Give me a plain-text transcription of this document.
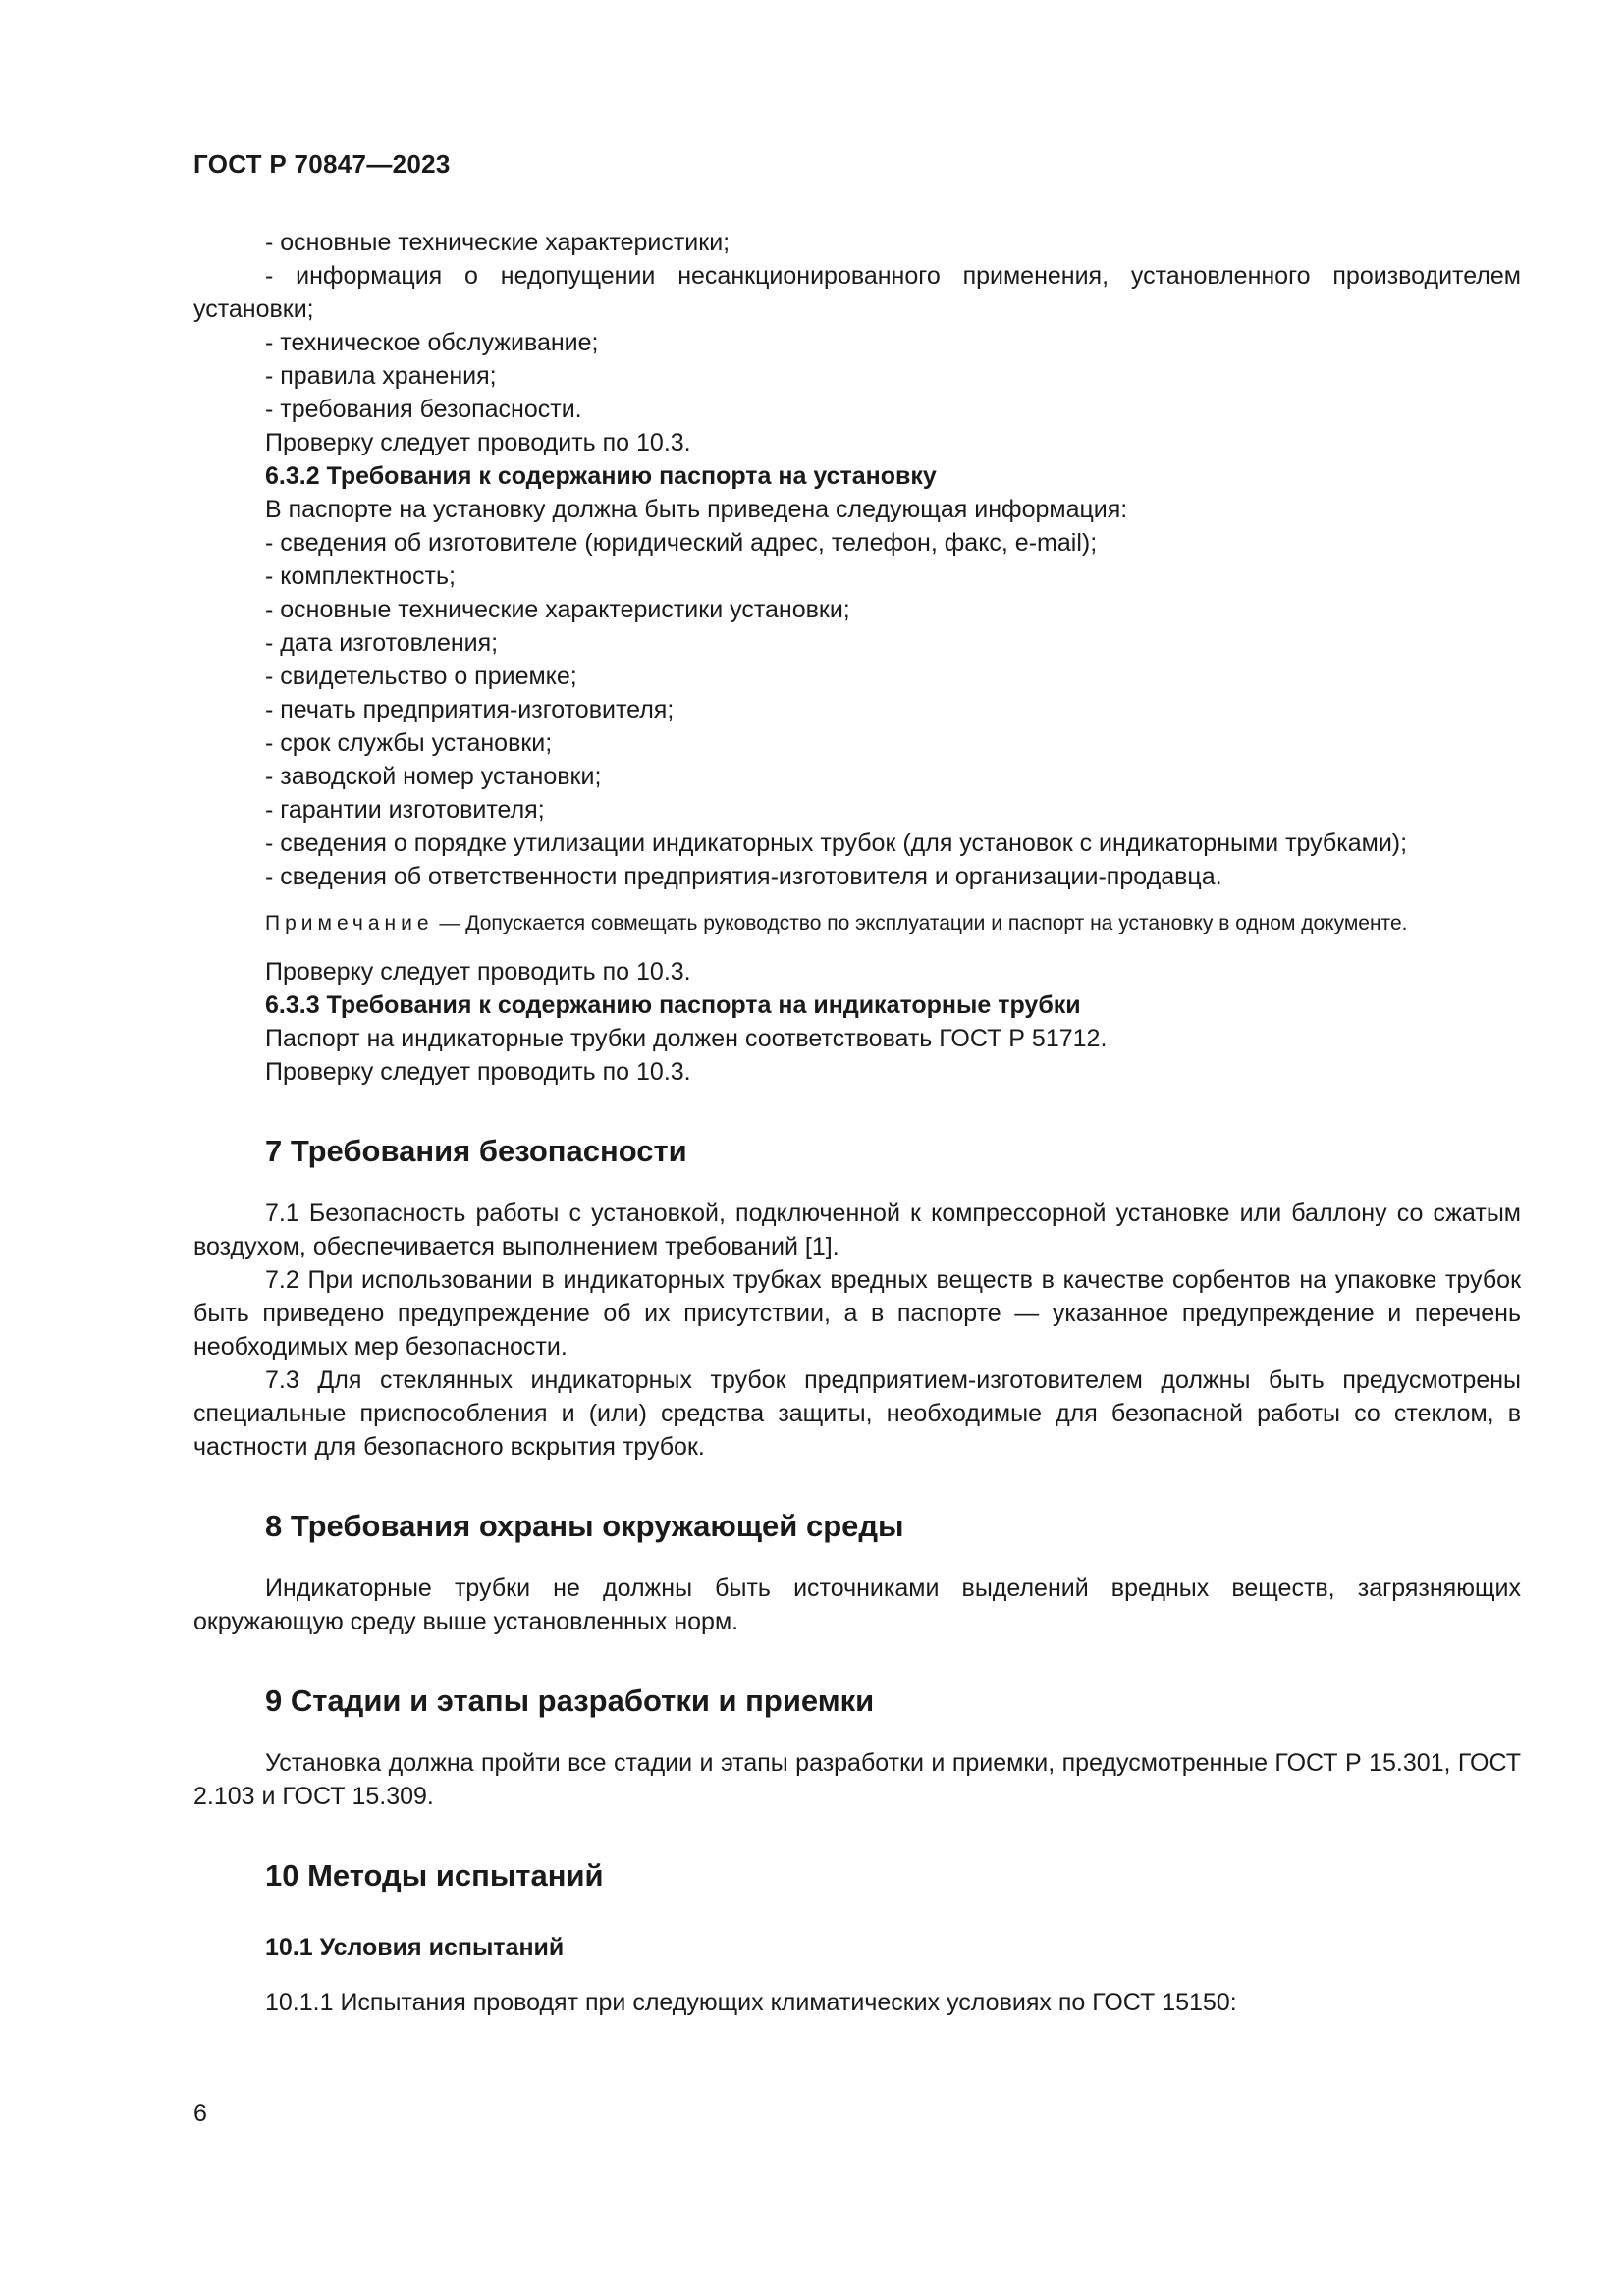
ГОСТ Р 70847—2023

- основные технические характеристики;

- информация о недопущении несанкционированного применения, установленного производителем установки;

- техническое обслуживание;

- правила хранения;

- требования безопасности.

Проверку следует проводить по 10.3.

6.3.2 Требования к содержанию паспорта на установку

В паспорте на установку должна быть приведена следующая информация:

- сведения об изготовителе (юридический адрес, телефон, факс, e-mail);

- комплектность;

- основные технические характеристики установки;

- дата изготовления;

- свидетельство о приемке;

- печать предприятия-изготовителя;

- срок службы установки;

- заводской номер установки;

- гарантии изготовителя;

- сведения о порядке утилизации индикаторных трубок (для установок с индикаторными трубками);

- сведения об ответственности предприятия-изготовителя и организации-продавца.

Примечание — Допускается совмещать руководство по эксплуатации и паспорт на установку в одном документе.

Проверку следует проводить по 10.3.

6.3.3 Требования к содержанию паспорта на индикаторные трубки

Паспорт на индикаторные трубки должен соответствовать ГОСТ Р 51712.

Проверку следует проводить по 10.3.

7 Требования безопасности

7.1 Безопасность работы с установкой, подключенной к компрессорной установке или баллону со сжатым воздухом, обеспечивается выполнением требований [1].

7.2 При использовании в индикаторных трубках вредных веществ в качестве сорбентов на упаковке трубок быть приведено предупреждение об их присутствии, а в паспорте — указанное предупреждение и перечень необходимых мер безопасности.

7.3 Для стеклянных индикаторных трубок предприятием-изготовителем должны быть предусмотрены специальные приспособления и (или) средства защиты, необходимые для безопасной работы со стеклом, в частности для безопасного вскрытия трубок.

8 Требования охраны окружающей среды

Индикаторные трубки не должны быть источниками выделений вредных веществ, загрязняющих окружающую среду выше установленных норм.

9 Стадии и этапы разработки и приемки

Установка должна пройти все стадии и этапы разработки и приемки, предусмотренные ГОСТ Р 15.301, ГОСТ 2.103 и ГОСТ 15.309.

10 Методы испытаний
10.1 Условия испытаний

10.1.1 Испытания проводят при следующих климатических условиях по ГОСТ 15150:

6
